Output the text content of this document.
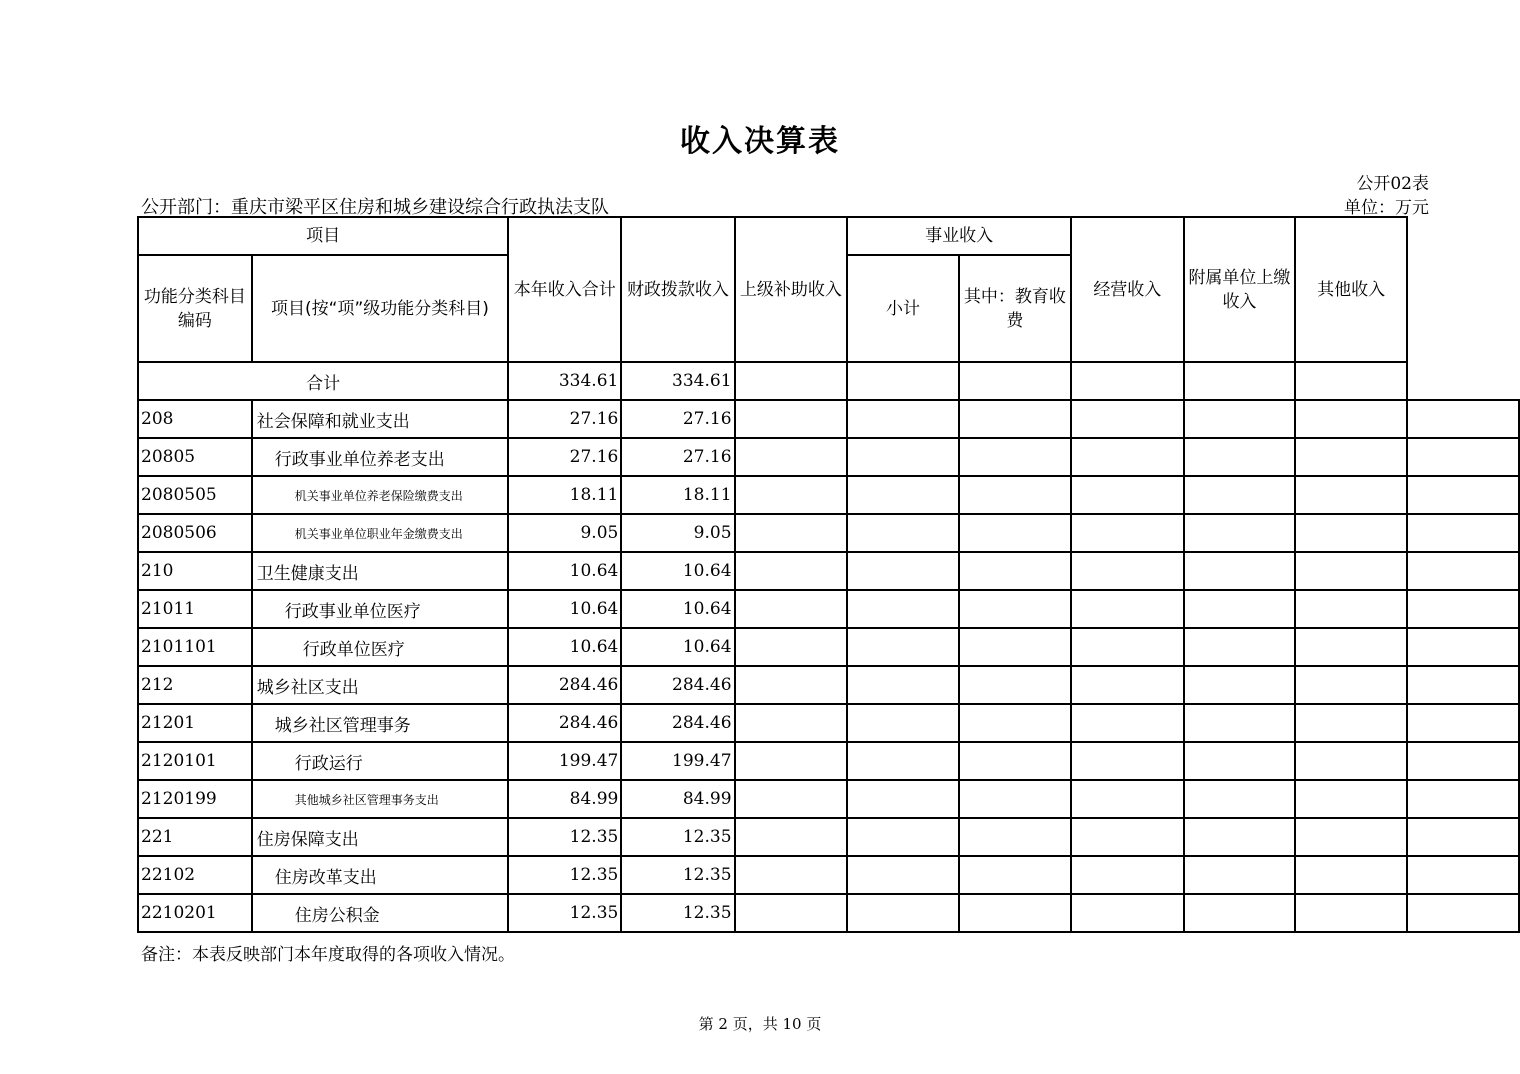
收入决算表
公开02表
公开部门：重庆市梁平区住房和城乡建设综合行政执法支队	单位：万元
项目		本年收入合计	财政拨款收入	上级补助收入	事业收入		经营收入	附属单位上缴收入	其他收入	
功能分类科目编码	项目(按“项”级功能分类科目)				小计	其中：教育收费				

合计		334.61	334.61							
208	社会保障和就业支出	27.16	27.16							
20805	行政事业单位养老支出	27.16	27.16							
2080505	机关事业单位养老保险缴费支出	18.11	18.11							
2080506	机关事业单位职业年金缴费支出	9.05	9.05							
210	卫生健康支出	10.64	10.64							
21011	行政事业单位医疗	10.64	10.64							
2101101	行政单位医疗	10.64	10.64							
212	城乡社区支出	284.46	284.46							
21201	城乡社区管理事务	284.46	284.46							
2120101	行政运行	199.47	199.47							
2120199	其他城乡社区管理事务支出	84.99	84.99							
221	住房保障支出	12.35	12.35							
22102	住房改革支出	12.35	12.35							
2210201	住房公积金	12.35	12.35							
备注：本表反映部门本年度取得的各项收入情况。
第 2 页，共 10 页
